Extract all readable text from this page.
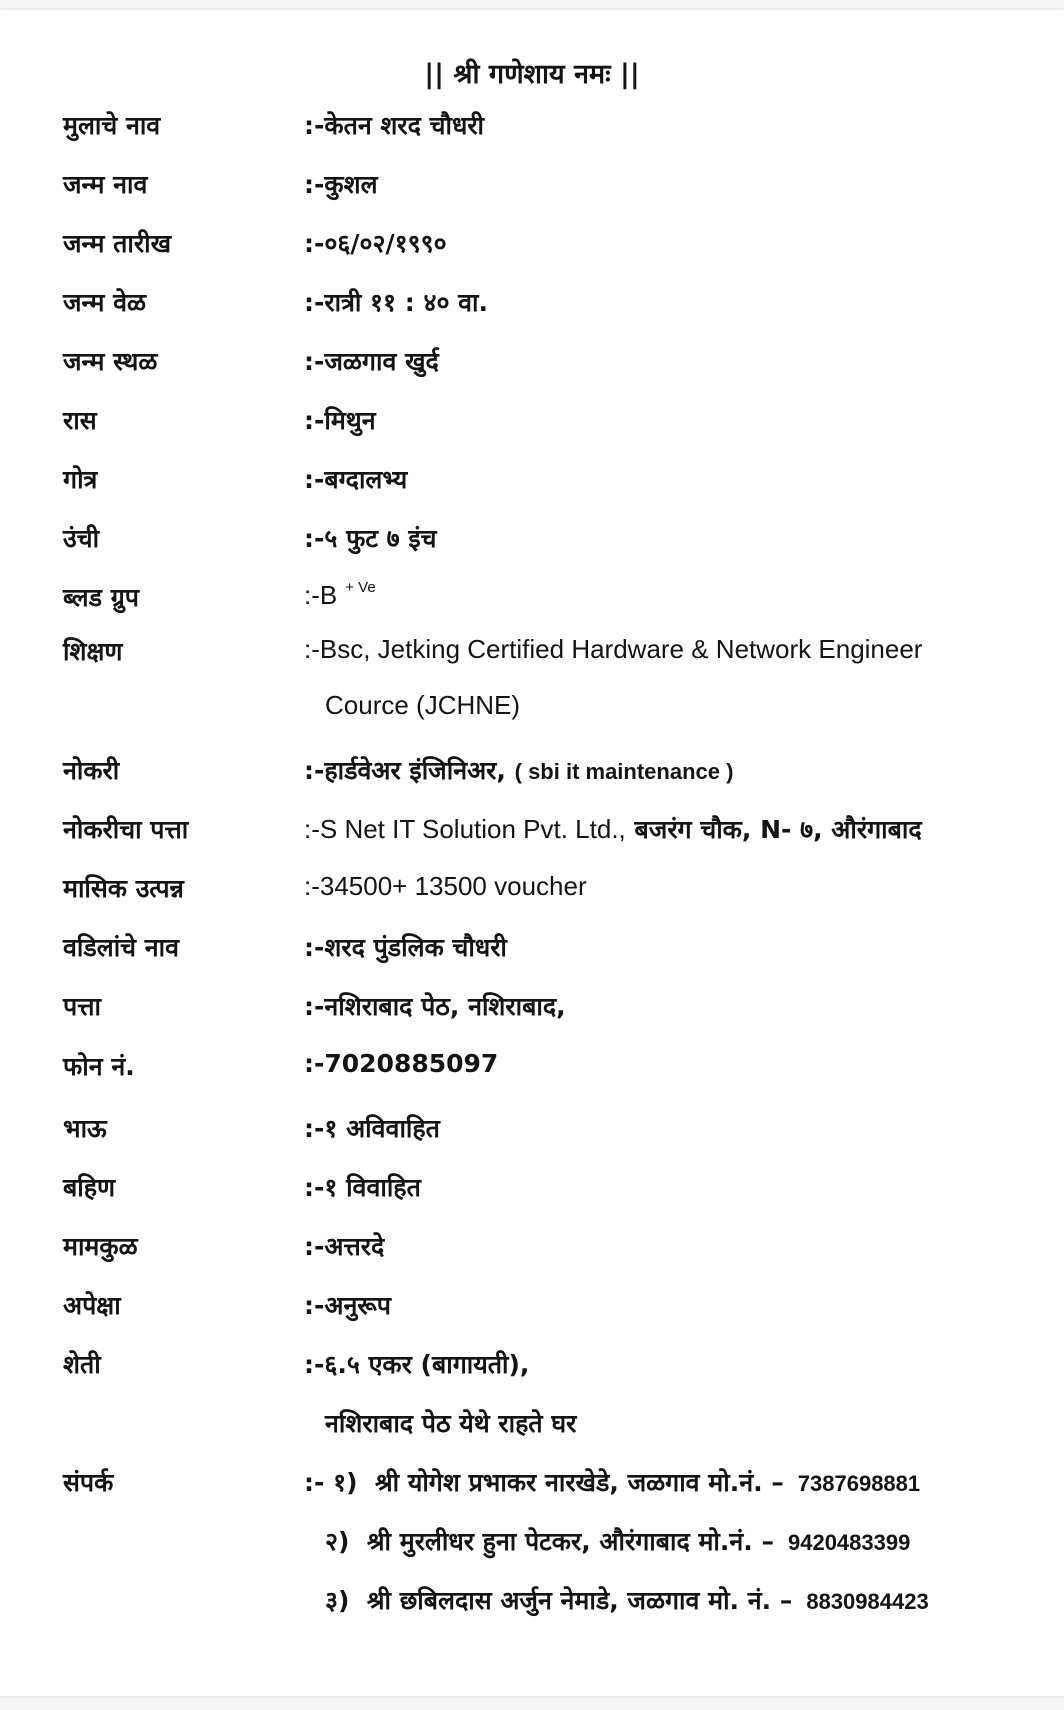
|| श्री गणेशाय नमः ||
मुलाचे नाव	:-केतन शरद चौधरी
जन्म नाव	:-कुशल
जन्म तारीख	:-०६/०२/१९९०
जन्म वेळ	:-रात्री ११ : ४० वा.
जन्म स्थळ	:-जळगाव खुर्द
रास	:-मिथुन
गोत्र	:-बग्दालभ्य
उंची	:-५ फुट ७ इंच
ब्लड ग्रुप	:-B $^{+ Ve}$
शिक्षण	:-Bsc, Jetking Certified Hardware & Network Engineer
Cource (JCHNE)
नोकरी	:-हार्डवेअर इंजिनिअर, ( sbi it maintenance )
नोकरीचा पत्ता	:-S Net IT Solution Pvt. Ltd., बजरंग चौक, N- ७, औरंगाबाद
मासिक उत्पन्न	:-34500+ 13500 voucher
वडिलांचे नाव	:-शरद पुंडलिक चौधरी
पत्ता	:-नशिराबाद पेठ, नशिराबाद,
फोन नं.	:-7020885097
भाऊ	:-१ अविवाहित
बहिण	:-१ विवाहित
मामकुळ	:-अत्तरदे
अपेक्षा	:-अनुरूप
शेती	:-६.५ एकर (बागायती),
नशिराबाद पेठ येथे राहते घर
संपर्क	:- १) श्री योगेश प्रभाकर नारखेडे, जळगाव मो.नं. – 7387698881
२) श्री मुरलीधर हुना पेटकर, औरंगाबाद मो.नं. – 9420483399
३) श्री छबिलदास अर्जुन नेमाडे, जळगाव मो. नं. – 8830984423
